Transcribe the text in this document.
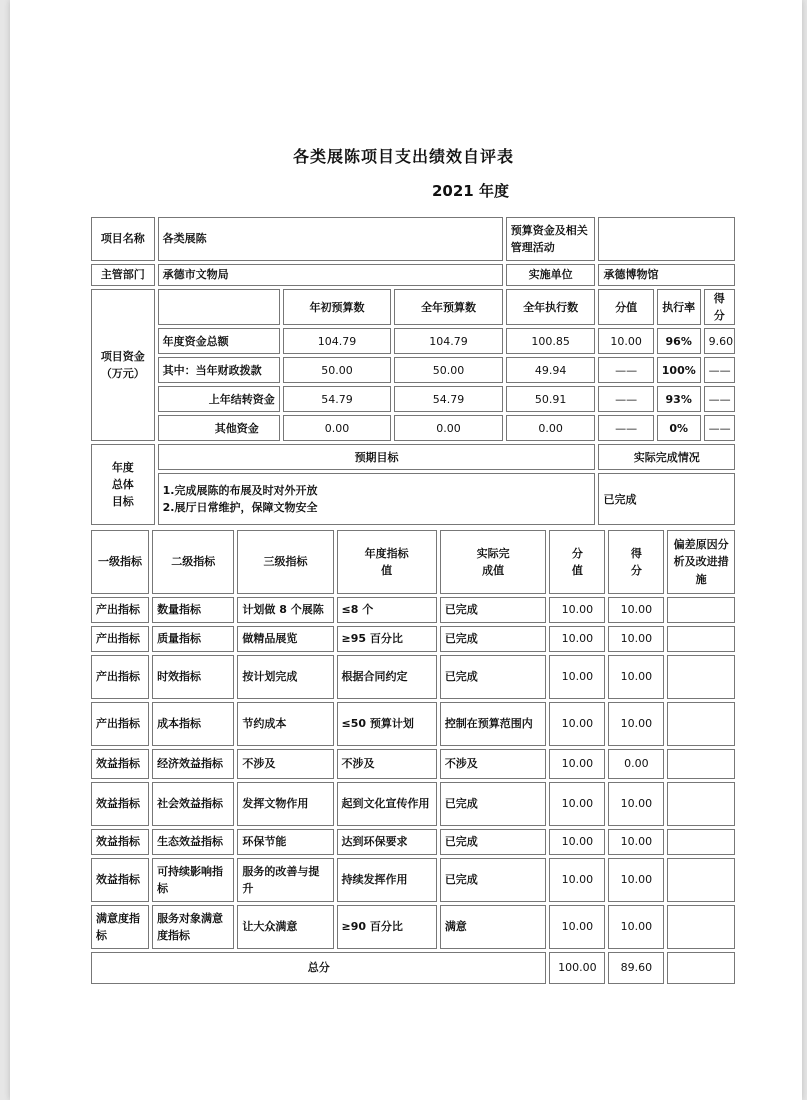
各类展陈项目支出绩效自评表
2021 年度
项目名称	各类展陈			预算资金及相关管理活动			
主管部门	承德市文物局			实施单位	承德博物馆		
项目资金（万元）		年初预算数	全年预算数	全年执行数	分值	执行率	得分
	年度资金总额	104.79	104.79	100.85	10.00	96%	9.60
	其中：当年财政拨款	50.00	50.00	49.94	——	100%	——
	上年结转资金	54.79	54.79	50.91	——	93%	——
	其他资金	0.00	0.00	0.00	——	0%	——
年度总体目标	预期目标				实际完成情况		

	1.完成展陈的布展及时对外开放
2.展厅日常维护，保障文物安全				已完成		
一级指标	二级指标	三级指标	年度指标值	实际完成值	分值	得分	偏差原因分析及改进措施
产出指标	数量指标	计划做 8 个展陈	≤8 个	已完成	10.00	10.00	
产出指标	质量指标	做精品展览	≥95 百分比	已完成	10.00	10.00	
产出指标	时效指标	按计划完成	根据合同约定	已完成	10.00	10.00	
产出指标	成本指标	节约成本	≤50 预算计划	控制在预算范围内	10.00	10.00	
效益指标	经济效益指标	不涉及	不涉及	不涉及	10.00	0.00	
效益指标	社会效益指标	发挥文物作用	起到文化宣传作用	已完成	10.00	10.00	
效益指标	生态效益指标	环保节能	达到环保要求	已完成	10.00	10.00	
效益指标	可持续影响指标	服务的改善与提升	持续发挥作用	已完成	10.00	10.00	
满意度指标	服务对象满意度指标	让大众满意	≥90 百分比	满意	10.00	10.00	
总分					100.00	89.60	
